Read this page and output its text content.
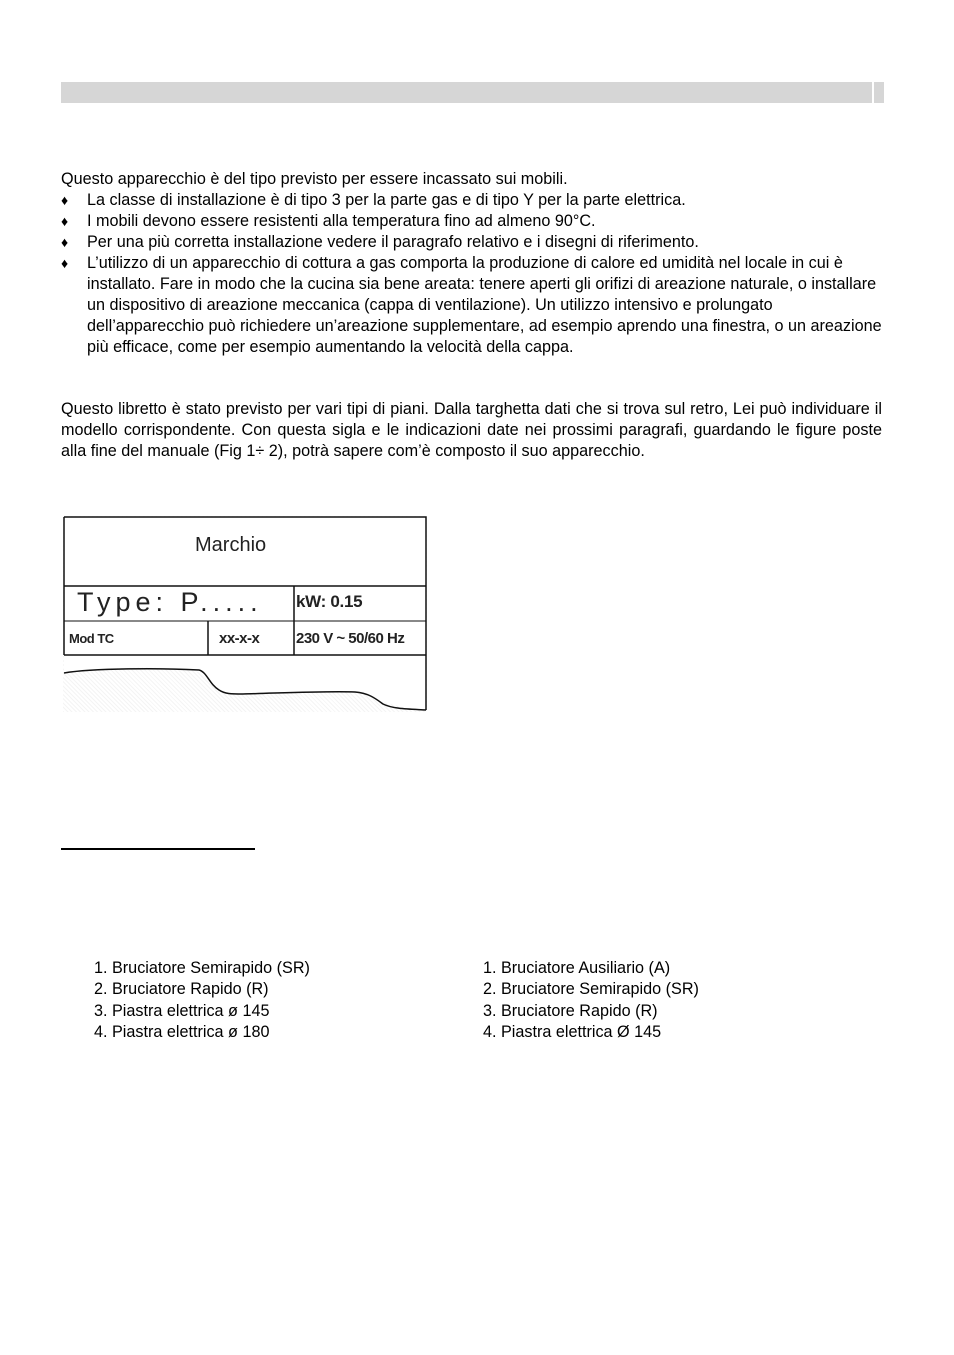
Questo apparecchio è del tipo previsto per essere incassato sui mobili.
♦ La classe di installazione è di tipo 3 per la parte gas e di tipo Y per la parte elettrica.
♦ I mobili devono essere resistenti alla temperatura fino ad almeno 90°C.
♦ Per una più corretta installazione vedere il paragrafo relativo e i disegni di riferimento.
♦ L’utilizzo di un apparecchio di cottura a gas comporta la produzione di calore ed umidità nel locale in cui è installato. Fare in modo che la cucina sia bene areata: tenere aperti gli orifizi di areazione naturale, o installare un dispositivo di areazione meccanica (cappa di ventilazione). Un utilizzo intensivo e prolungato dell’apparecchio può richiedere un’areazione supplementare, ad esempio aprendo una finestra, o un areazione più efficace, come per esempio aumentando la velocità della cappa.
Questo libretto è stato previsto per vari tipi di piani. Dalla targhetta dati che si trova sul retro, Lei può individuare il modello corrispondente. Con questa sigla e le indicazioni date nei prossimi paragrafi, guardando le figure poste alla fine del manuale (Fig 1÷ 2), potrà sapere com’è composto il suo apparecchio.
Marchio
Type: P..... kW: 0.15
Mod TC	xx-x-x 230 V ~ 50/60 Hz
1. Bruciatore Semirapido (SR)
2. Bruciatore Rapido (R)
3. Piastra elettrica ø 145
4. Piastra elettrica ø 180
1. Bruciatore Ausiliario (A)
2. Bruciatore Semirapido (SR)
3. Bruciatore Rapido (R)
4. Piastra elettrica Ø 145
